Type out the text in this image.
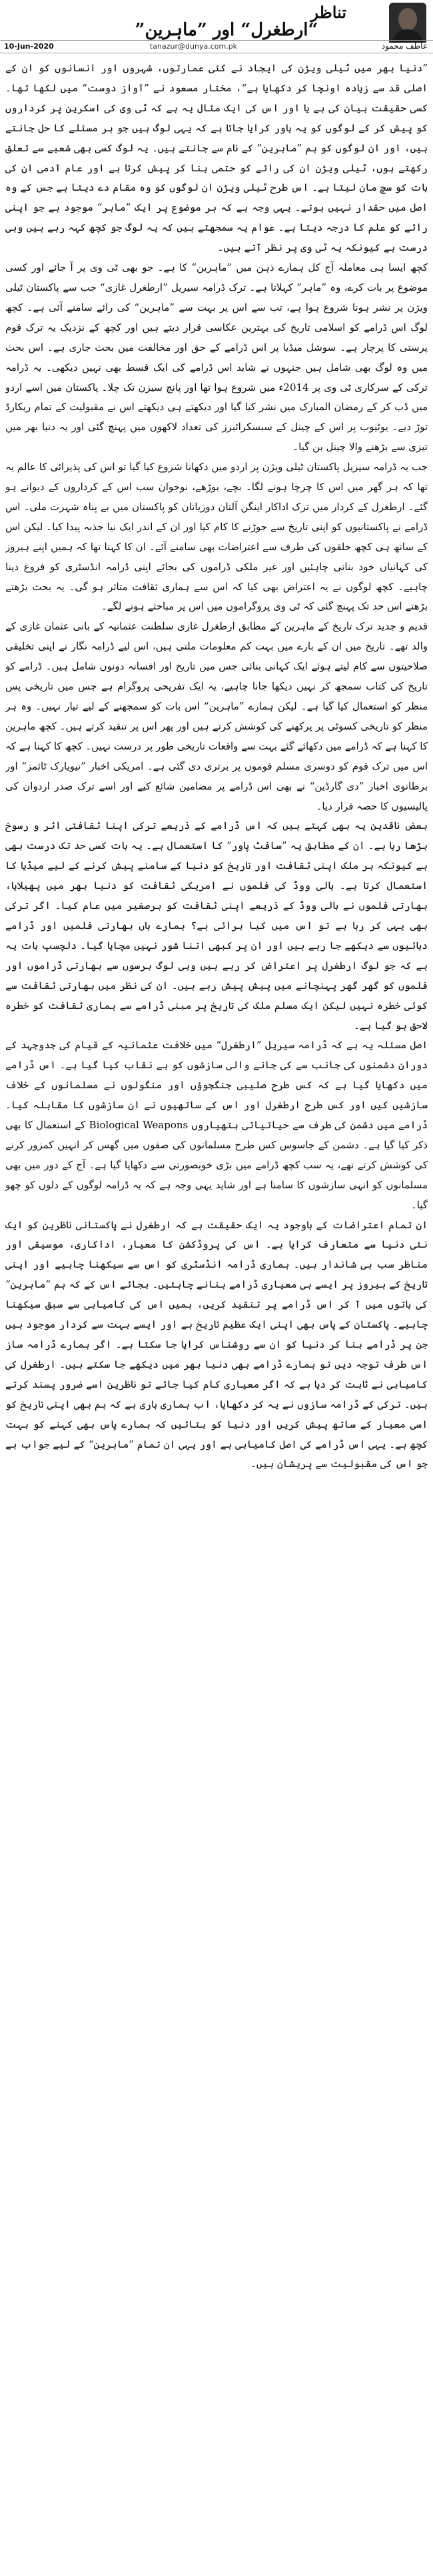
تناظر
”ارطغرل“ اور ”ماہرین“
10-Jun-2020	tanazur@dunya.com.pk	عاطف محمود

”دنیا بھر میں ٹیلی ویژن کی ایجاد نے کئی عمارتوں، شہروں اور انسانوں کو ان کے اصلی قد سے زیادہ اونچا کر دکھایا ہے“، مختار مسعود نے ”آواز دوست“ میں لکھا تھا۔ کسی حقیقت بیان کی ہے یا اور اس کی ایک مثال یہ ہے کہ ٹی وی کی اسکرین پر کرداروں کو پیش کر کے لوگوں کو یہ باور کرایا جاتا ہے کہ یہی لوگ ہیں جو ہر مسئلے کا حل جانتے ہیں، اور ان لوگوں کو ہم ”ماہرین“ کے نام سے جانتے ہیں۔ یہ لوگ کسی بھی شعبے سے تعلق رکھتے ہوں، ٹیلی ویژن ان کی رائے کو حتمی بنا کر پیش کرتا ہے اور عام آدمی ان کی بات کو سچ مان لیتا ہے۔ اس طرح ٹیلی ویژن ان لوگوں کو وہ مقام دے دیتا ہے جس کے وہ اصل میں حقدار نہیں ہوتے۔ یہی وجہ ہے کہ ہر موضوع پر ایک ”ماہر“ موجود ہے جو اپنی رائے کو علم کا درجہ دیتا ہے۔ عوام یہ سمجھتے ہیں کہ یہ لوگ جو کچھ کہہ رہے ہیں وہی درست ہے کیونکہ یہ ٹی وی پر نظر آتے ہیں۔

کچھ ایسا ہی معاملہ آج کل ہمارے ذہن میں ”ماہرین“ کا ہے۔ جو بھی ٹی وی پر آ جائے اور کسی موضوع پر بات کرے، وہ ”ماہر“ کہلاتا ہے۔ ترک ڈرامہ سیریل ”ارطغرل غازی“ جب سے پاکستان ٹیلی ویژن پر نشر ہونا شروع ہوا ہے، تب سے اس پر بہت سے ”ماہرین“ کی رائے سامنے آئی ہے۔ کچھ لوگ اس ڈرامے کو اسلامی تاریخ کی بہترین عکاسی قرار دیتے ہیں اور کچھ کے نزدیک یہ ترک قوم پرستی کا پرچار ہے۔ سوشل میڈیا پر اس ڈرامے کے حق اور مخالفت میں بحث جاری ہے۔ اس بحث میں وہ لوگ بھی شامل ہیں جنہوں نے شاید اس ڈرامے کی ایک قسط بھی نہیں دیکھی۔ یہ ڈرامہ ترکی کے سرکاری ٹی وی پر 2014ء میں شروع ہوا تھا اور پانچ سیزن تک چلا۔ پاکستان میں اسے اردو میں ڈب کر کے رمضان المبارک میں نشر کیا گیا اور دیکھتے ہی دیکھتے اس نے مقبولیت کے تمام ریکارڈ توڑ دیے۔ یوٹیوب پر اس کے چینل کے سبسکرائبرز کی تعداد لاکھوں میں پہنچ گئی اور یہ دنیا بھر میں تیزی سے بڑھنے والا چینل بن گیا۔

جب یہ ڈرامہ سیریل پاکستان ٹیلی ویژن پر اردو میں دکھانا شروع کیا گیا تو اس کی پذیرائی کا عالم یہ تھا کہ ہر گھر میں اس کا چرچا ہونے لگا۔ بچے، بوڑھے، نوجوان سب اس کے کرداروں کے دیوانے ہو گئے۔ ارطغرل کے کردار میں ترک اداکار اینگن آلتان دوزیاتان کو پاکستان میں بے پناہ شہرت ملی۔ اس ڈرامے نے پاکستانیوں کو اپنی تاریخ سے جوڑنے کا کام کیا اور ان کے اندر ایک نیا جذبہ پیدا کیا۔ لیکن اس کے ساتھ ہی کچھ حلقوں کی طرف سے اعتراضات بھی سامنے آئے۔ ان کا کہنا تھا کہ ہمیں اپنے ہیروز کی کہانیاں خود بنانی چاہئیں اور غیر ملکی ڈراموں کی بجائے اپنی ڈرامہ انڈسٹری کو فروغ دینا چاہیے۔ کچھ لوگوں نے یہ اعتراض بھی کیا کہ اس سے ہماری ثقافت متاثر ہو گی۔ یہ بحث بڑھتے بڑھتے اس حد تک پہنچ گئی کہ ٹی وی پروگراموں میں اس پر مباحثے ہونے لگے۔

قدیم و جدید ترک تاریخ کے ماہرین کے مطابق ارطغرل غازی سلطنت عثمانیہ کے بانی عثمان غازی کے والد تھے۔ تاریخ میں ان کے بارے میں بہت کم معلومات ملتی ہیں، اس لیے ڈرامہ نگار نے اپنی تخلیقی صلاحیتوں سے کام لیتے ہوئے ایک کہانی بنائی جس میں تاریخ اور افسانہ دونوں شامل ہیں۔ ڈرامے کو تاریخ کی کتاب سمجھ کر نہیں دیکھا جانا چاہیے، یہ ایک تفریحی پروگرام ہے جس میں تاریخی پس منظر کو استعمال کیا گیا ہے۔ لیکن ہمارے ”ماہرین“ اس بات کو سمجھنے کے لیے تیار نہیں۔ وہ ہر منظر کو تاریخی کسوٹی پر پرکھنے کی کوشش کرتے ہیں اور پھر اس پر تنقید کرتے ہیں۔ کچھ ماہرین کا کہنا ہے کہ ڈرامے میں دکھائے گئے بہت سے واقعات تاریخی طور پر درست نہیں۔ کچھ کا کہنا ہے کہ اس میں ترک قوم کو دوسری مسلم قوموں پر برتری دی گئی ہے۔ امریکی اخبار ”نیویارک ٹائمز“ اور برطانوی اخبار ”دی گارڈین“ نے بھی اس ڈرامے پر مضامین شائع کیے اور اسے ترک صدر اردوان کی پالیسیوں کا حصہ قرار دیا۔

بعض ناقدین یہ بھی کہتے ہیں کہ اس ڈرامے کے ذریعے ترکی اپنا ثقافتی اثر و رسوخ بڑھا رہا ہے۔ ان کے مطابق یہ ”سافٹ پاور“ کا استعمال ہے۔ یہ بات کسی حد تک درست بھی ہے کیونکہ ہر ملک اپنی ثقافت اور تاریخ کو دنیا کے سامنے پیش کرنے کے لیے میڈیا کا استعمال کرتا ہے۔ ہالی ووڈ کی فلموں نے امریکی ثقافت کو دنیا بھر میں پھیلایا، بھارتی فلموں نے بالی ووڈ کے ذریعے اپنی ثقافت کو برصغیر میں عام کیا۔ اگر ترکی بھی یہی کر رہا ہے تو اس میں کیا برائی ہے؟ ہمارے ہاں بھارتی فلمیں اور ڈرامے دہائیوں سے دیکھے جا رہے ہیں اور ان پر کبھی اتنا شور نہیں مچایا گیا۔ دلچسپ بات یہ ہے کہ جو لوگ ارطغرل پر اعتراض کر رہے ہیں وہی لوگ برسوں سے بھارتی ڈراموں اور فلموں کو گھر گھر پہنچانے میں پیش پیش رہے ہیں۔ ان کی نظر میں بھارتی ثقافت سے کوئی خطرہ نہیں لیکن ایک مسلم ملک کی تاریخ پر مبنی ڈرامے سے ہماری ثقافت کو خطرہ لاحق ہو گیا ہے۔

اصل مسئلہ یہ ہے کہ ڈرامہ سیریل ”ارطغرل“ میں خلافت عثمانیہ کے قیام کی جدوجہد کے دوران دشمنوں کی جانب سے کی جانے والی سازشوں کو بے نقاب کیا گیا ہے۔ اس ڈرامے میں دکھایا گیا ہے کہ کس طرح صلیبی جنگجوؤں اور منگولوں نے مسلمانوں کے خلاف سازشیں کیں اور کس طرح ارطغرل اور اس کے ساتھیوں نے ان سازشوں کا مقابلہ کیا۔ ڈرامے میں دشمن کی طرف سے حیاتیاتی ہتھیاروں Biological Weapons کے استعمال کا بھی ذکر کیا گیا ہے۔ دشمن کے جاسوس کس طرح مسلمانوں کی صفوں میں گھس کر انہیں کمزور کرنے کی کوشش کرتے تھے، یہ سب کچھ ڈرامے میں بڑی خوبصورتی سے دکھایا گیا ہے۔ آج کے دور میں بھی مسلمانوں کو انہی سازشوں کا سامنا ہے اور شاید یہی وجہ ہے کہ یہ ڈرامہ لوگوں کے دلوں کو چھو گیا۔

ان تمام اعتراضات کے باوجود یہ ایک حقیقت ہے کہ ارطغرل نے پاکستانی ناظرین کو ایک نئی دنیا سے متعارف کرایا ہے۔ اس کی پروڈکشن کا معیار، اداکاری، موسیقی اور مناظر سب ہی شاندار ہیں۔ ہماری ڈرامہ انڈسٹری کو اس سے سیکھنا چاہیے اور اپنی تاریخ کے ہیروز پر ایسے ہی معیاری ڈرامے بنانے چاہئیں۔ بجائے اس کے کہ ہم ”ماہرین“ کی باتوں میں آ کر اس ڈرامے پر تنقید کریں، ہمیں اس کی کامیابی سے سبق سیکھنا چاہیے۔ پاکستان کے پاس بھی اپنی ایک عظیم تاریخ ہے اور ایسے بہت سے کردار موجود ہیں جن پر ڈرامے بنا کر دنیا کو ان سے روشناس کرایا جا سکتا ہے۔ اگر ہمارے ڈرامہ ساز اس طرف توجہ دیں تو ہمارے ڈرامے بھی دنیا بھر میں دیکھے جا سکتے ہیں۔ ارطغرل کی کامیابی نے ثابت کر دیا ہے کہ اگر معیاری کام کیا جائے تو ناظرین اسے ضرور پسند کرتے ہیں۔ ترکی کے ڈرامہ سازوں نے یہ کر دکھایا، اب ہماری باری ہے کہ ہم بھی اپنی تاریخ کو اسی معیار کے ساتھ پیش کریں اور دنیا کو بتائیں کہ ہمارے پاس بھی کہنے کو بہت کچھ ہے۔ یہی اس ڈرامے کی اصل کامیابی ہے اور یہی ان تمام ”ماہرین“ کے لیے جواب ہے جو اس کی مقبولیت سے پریشان ہیں۔
